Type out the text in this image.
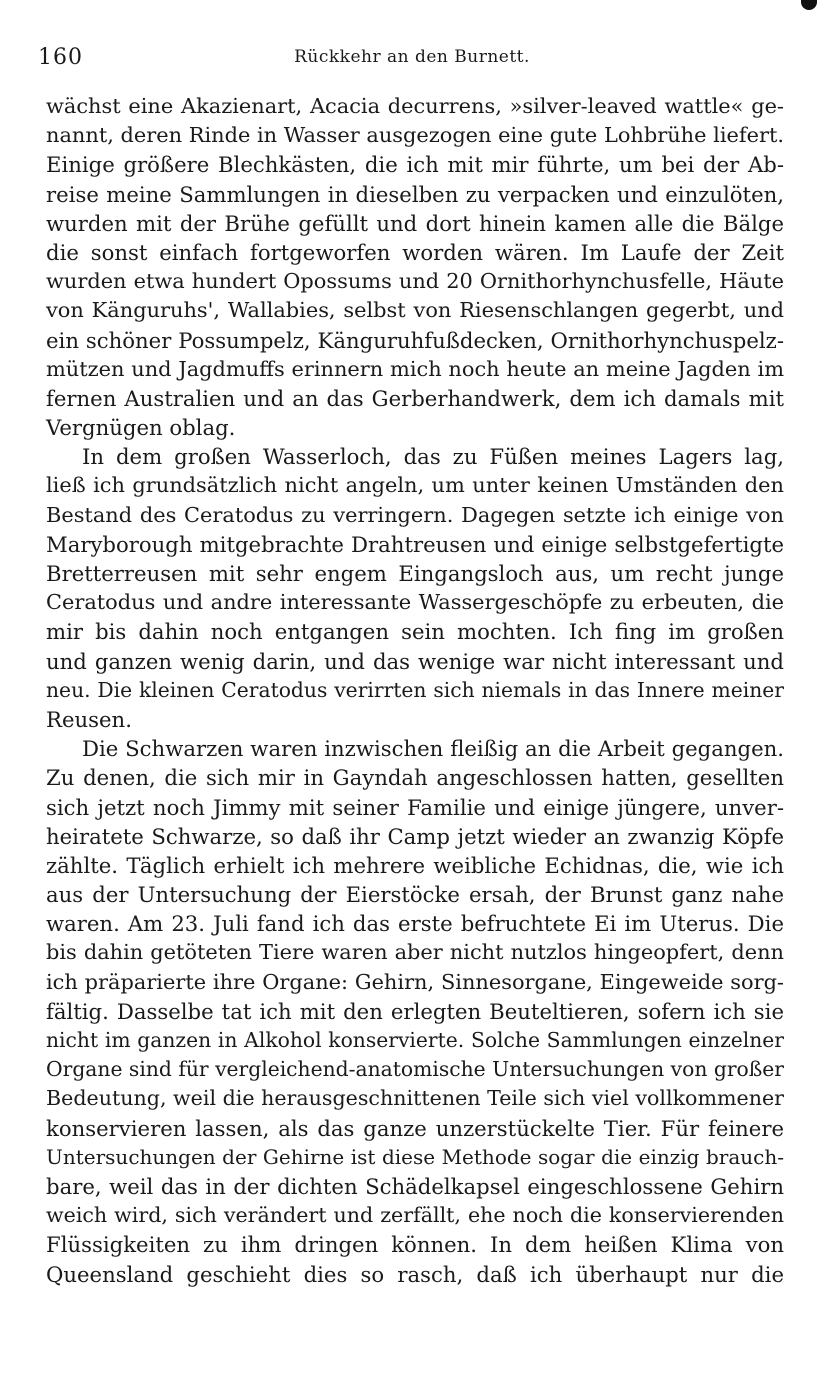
160	Rückkehr an den Burnett.
wächst eine Akazienart, Acacia decurrens, »silver-leaved wattle« ge-
nannt, deren Rinde in Wasser ausgezogen eine gute Lohbrühe liefert.
Einige größere Blechkästen, die ich mit mir führte, um bei der Ab-
reise meine Sammlungen in dieselben zu verpacken und einzulöten,
wurden mit der Brühe gefüllt und dort hinein kamen alle die Bälge
die sonst einfach fortgeworfen worden wären. Im Laufe der Zeit
wurden etwa hundert Opossums und 20 Ornithorhynchusfelle, Häute
von Känguruhs', Wallabies, selbst von Riesenschlangen gegerbt, und
ein schöner Possumpelz, Känguruhfußdecken, Ornithorhynchuspelz-
mützen und Jagdmuffs erinnern mich noch heute an meine Jagden im
fernen Australien und an das Gerberhandwerk, dem ich damals mit
Vergnügen oblag.
In dem großen Wasserloch, das zu Füßen meines Lagers lag,
ließ ich grundsätzlich nicht angeln, um unter keinen Umständen den
Bestand des Ceratodus zu verringern. Dagegen setzte ich einige von
Maryborough mitgebrachte Drahtreusen und einige selbstgefertigte
Bretterreusen mit sehr engem Eingangsloch aus, um recht junge
Ceratodus und andre interessante Wassergeschöpfe zu erbeuten, die
mir bis dahin noch entgangen sein mochten. Ich fing im großen
und ganzen wenig darin, und das wenige war nicht interessant und
neu. Die kleinen Ceratodus verirrten sich niemals in das Innere meiner
Reusen.
Die Schwarzen waren inzwischen fleißig an die Arbeit gegangen.
Zu denen, die sich mir in Gayndah angeschlossen hatten, gesellten
sich jetzt noch Jimmy mit seiner Familie und einige jüngere, unver-
heiratete Schwarze, so daß ihr Camp jetzt wieder an zwanzig Köpfe
zählte. Täglich erhielt ich mehrere weibliche Echidnas, die, wie ich
aus der Untersuchung der Eierstöcke ersah, der Brunst ganz nahe
waren. Am 23. Juli fand ich das erste befruchtete Ei im Uterus. Die
bis dahin getöteten Tiere waren aber nicht nutzlos hingeopfert, denn
ich präparierte ihre Organe: Gehirn, Sinnesorgane, Eingeweide sorg-
fältig. Dasselbe tat ich mit den erlegten Beuteltieren, sofern ich sie
nicht im ganzen in Alkohol konservierte. Solche Sammlungen einzelner
Organe sind für vergleichend-anatomische Untersuchungen von großer
Bedeutung, weil die herausgeschnittenen Teile sich viel vollkommener
konservieren lassen, als das ganze unzerstückelte Tier. Für feinere
Untersuchungen der Gehirne ist diese Methode sogar die einzig brauch-
bare, weil das in der dichten Schädelkapsel eingeschlossene Gehirn
weich wird, sich verändert und zerfällt, ehe noch die konservierenden
Flüssigkeiten zu ihm dringen können. In dem heißen Klima von
Queensland geschieht dies so rasch, daß ich überhaupt nur die
